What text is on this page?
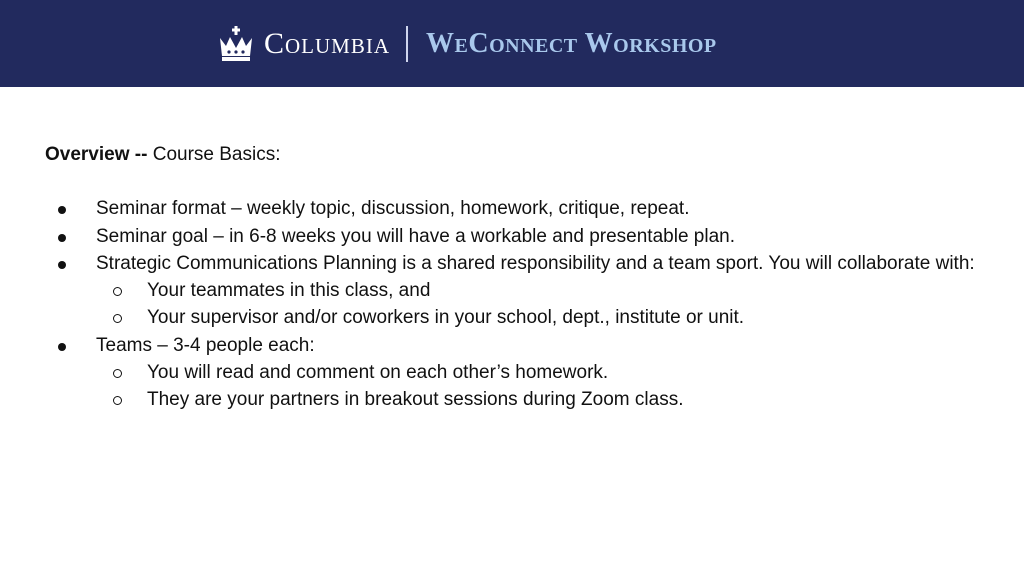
Columbia WeConnect Workshop

Overview -- Course Basics:

Seminar format – weekly topic, discussion, homework, critique, repeat.
Seminar goal – in 6-8 weeks you will have a workable and presentable plan.
Strategic Communications Planning is a shared responsibility and a team sport. You will collaborate with:
Your teammates in this class, and
Your supervisor and/or coworkers in your school, dept., institute or unit.
Teams – 3-4 people each:
You will read and comment on each other’s homework.
They are your partners in breakout sessions during Zoom class.
